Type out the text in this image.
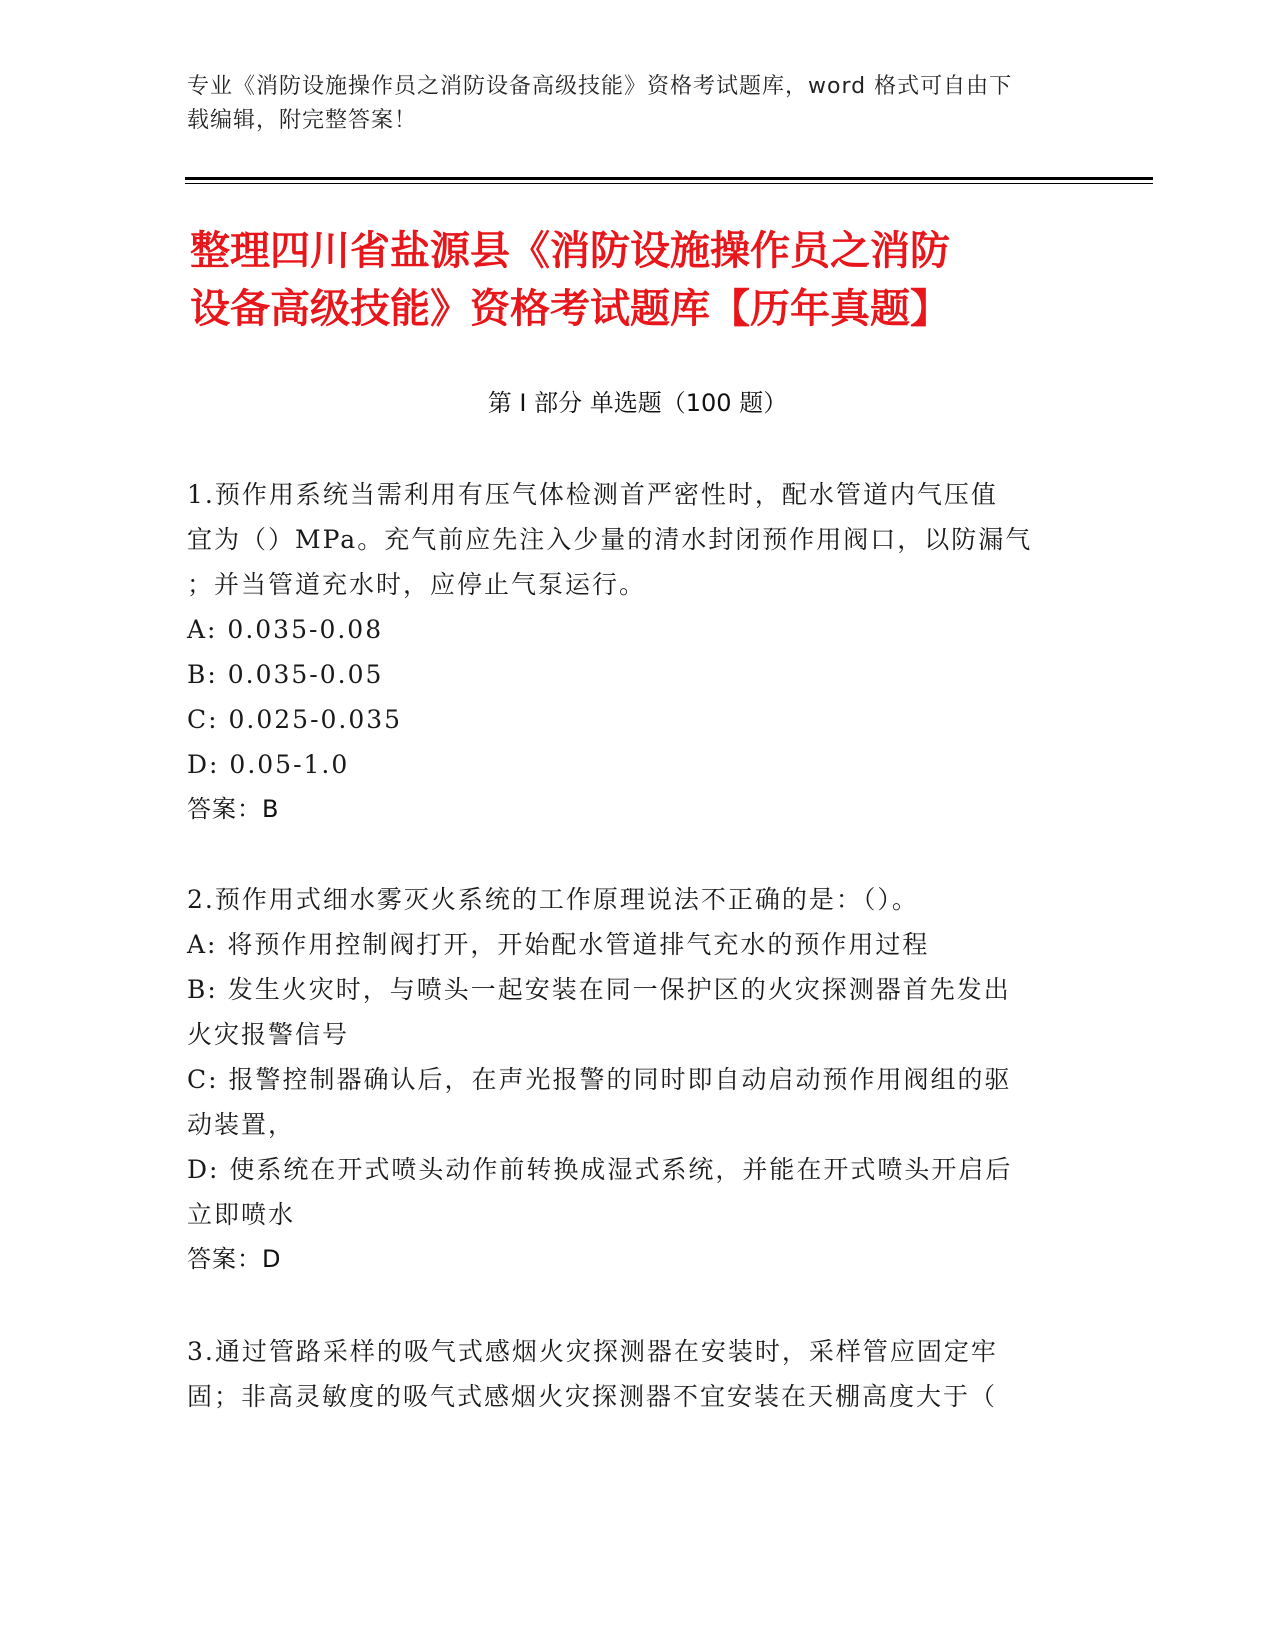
专业《消防设施操作员之消防设备高级技能》资格考试题库，word 格式可自由下
载编辑，附完整答案！
整理四川省盐源县《消防设施操作员之消防
设备高级技能》资格考试题库【历年真题】
第 I 部分 单选题（100 题）
1.预作用系统当需利用有压气体检测首严密性时，配水管道内气压值
宜为（）MPa。充气前应先注入少量的清水封闭预作用阀口，以防漏气
；并当管道充水时，应停止气泵运行。
A: 0.035-0.08
B: 0.035-0.05
C: 0.025-0.035
D: 0.05-1.0
答案：B
2.预作用式细水雾灭火系统的工作原理说法不正确的是：（）。
A: 将预作用控制阀打开，开始配水管道排气充水的预作用过程
B: 发生火灾时，与喷头一起安装在同一保护区的火灾探测器首先发出
火灾报警信号
C: 报警控制器确认后，在声光报警的同时即自动启动预作用阀组的驱
动装置，
D: 使系统在开式喷头动作前转换成湿式系统，并能在开式喷头开启后
立即喷水
答案：D
3.通过管路采样的吸气式感烟火灾探测器在安装时，采样管应固定牢
固；非高灵敏度的吸气式感烟火灾探测器不宜安装在天棚高度大于（
